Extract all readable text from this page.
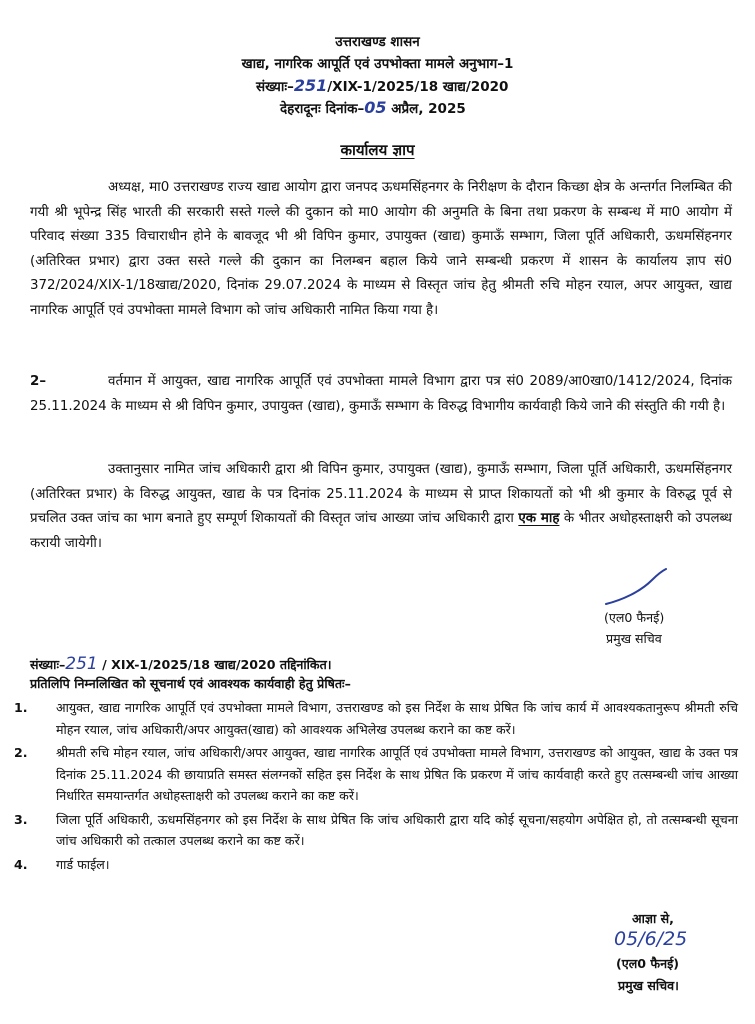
उत्तराखण्ड शासन
खाद्य, नागरिक आपूर्ति एवं उपभोक्ता मामले अनुभाग–1
संख्याः–251/XIX-1/2025/18 खाद्य/2020
देहरादूनः दिनांक–05 अप्रैल, 2025
कार्यालय ज्ञाप

अध्यक्ष, मा0 उत्तराखण्ड राज्य खाद्य आयोग द्वारा जनपद ऊधमसिंहनगर के निरीक्षण के दौरान किच्छा क्षेत्र के अन्तर्गत निलम्बित की गयी श्री भूपेन्द्र सिंह भारती की सरकारी सस्ते गल्ले की दुकान को मा0 आयोग की अनुमति के बिना तथा प्रकरण के सम्बन्ध में मा0 आयोग में परिवाद संख्या 335 विचाराधीन होने के बावजूद भी श्री विपिन कुमार, उपायुक्त (खाद्य) कुमाऊँ सम्भाग, जिला पूर्ति अधिकारी, ऊधमसिंहनगर (अतिरिक्त प्रभार) द्वारा उक्त सस्ते गल्ले की दुकान का निलम्बन बहाल किये जाने सम्बन्धी प्रकरण में शासन के कार्यालय ज्ञाप सं0 372/2024/XIX-1/18खाद्य/2020, दिनांक 29.07.2024 के माध्यम से विस्तृत जांच हेतु श्रीमती रुचि मोहन रयाल, अपर आयुक्त, खाद्य नागरिक आपूर्ति एवं उपभोक्ता मामले विभाग को जांच अधिकारी नामित किया गया है।

2–	वर्तमान में आयुक्त, खाद्य नागरिक आपूर्ति एवं उपभोक्ता मामले विभाग द्वारा पत्र सं0 2089/आ0खा0/1412/2024, दिनांक 25.11.2024 के माध्यम से श्री विपिन कुमार, उपायुक्त (खाद्य), कुमाऊँ सम्भाग के विरुद्ध विभागीय कार्यवाही किये जाने की संस्तुति की गयी है।

उक्तानुसार नामित जांच अधिकारी द्वारा श्री विपिन कुमार, उपायुक्त (खाद्य), कुमाऊँ सम्भाग, जिला पूर्ति अधिकारी, ऊधमसिंहनगर (अतिरिक्त प्रभार) के विरुद्ध आयुक्त, खाद्य के पत्र दिनांक 25.11.2024 के माध्यम से प्राप्त शिकायतों को भी श्री कुमार के विरुद्ध पूर्व से प्रचलित उक्त जांच का भाग बनाते हुए सम्पूर्ण शिकायतों की विस्तृत जांच आख्या जांच अधिकारी द्वारा एक माह के भीतर अधोहस्ताक्षरी को उपलब्ध करायी जायेगी।

(एल0 फैनई)
प्रमुख सचिव
संख्याः–251 / XIX-1/2025/18 खाद्य/2020 तद्दिनांकित।
प्रतिलिपि निम्नलिखित को सूचनार्थ एवं आवश्यक कार्यवाही हेतु प्रेषितः–
1. आयुक्त, खाद्य नागरिक आपूर्ति एवं उपभोक्ता मामले विभाग, उत्तराखण्ड को इस निर्देश के साथ प्रेषित कि जांच कार्य में आवश्यकतानुरूप श्रीमती रुचि मोहन रयाल, जांच अधिकारी/अपर आयुक्त(खाद्य) को आवश्यक अभिलेख उपलब्ध कराने का कष्ट करें।
2. श्रीमती रुचि मोहन रयाल, जांच अधिकारी/अपर आयुक्त, खाद्य नागरिक आपूर्ति एवं उपभोक्ता मामले विभाग, उत्तराखण्ड को आयुक्त, खाद्य के उक्त पत्र दिनांक 25.11.2024 की छायाप्रति समस्त संलग्नकों सहित इस निर्देश के साथ प्रेषित कि प्रकरण में जांच कार्यवाही करते हुए तत्सम्बन्धी जांच आख्या निर्धारित समयान्तर्गत अधोहस्ताक्षरी को उपलब्ध कराने का कष्ट करें।
3. जिला पूर्ति अधिकारी, ऊधमसिंहनगर को इस निर्देश के साथ प्रेषित कि जांच अधिकारी द्वारा यदि कोई सूचना/सहयोग अपेक्षित हो, तो तत्सम्बन्धी सूचना जांच अधिकारी को तत्काल उपलब्ध कराने का कष्ट करें।
4. गार्ड फाईल।
आज्ञा से,
05/6/25
(एल0 फैनई)
प्रमुख सचिव।
